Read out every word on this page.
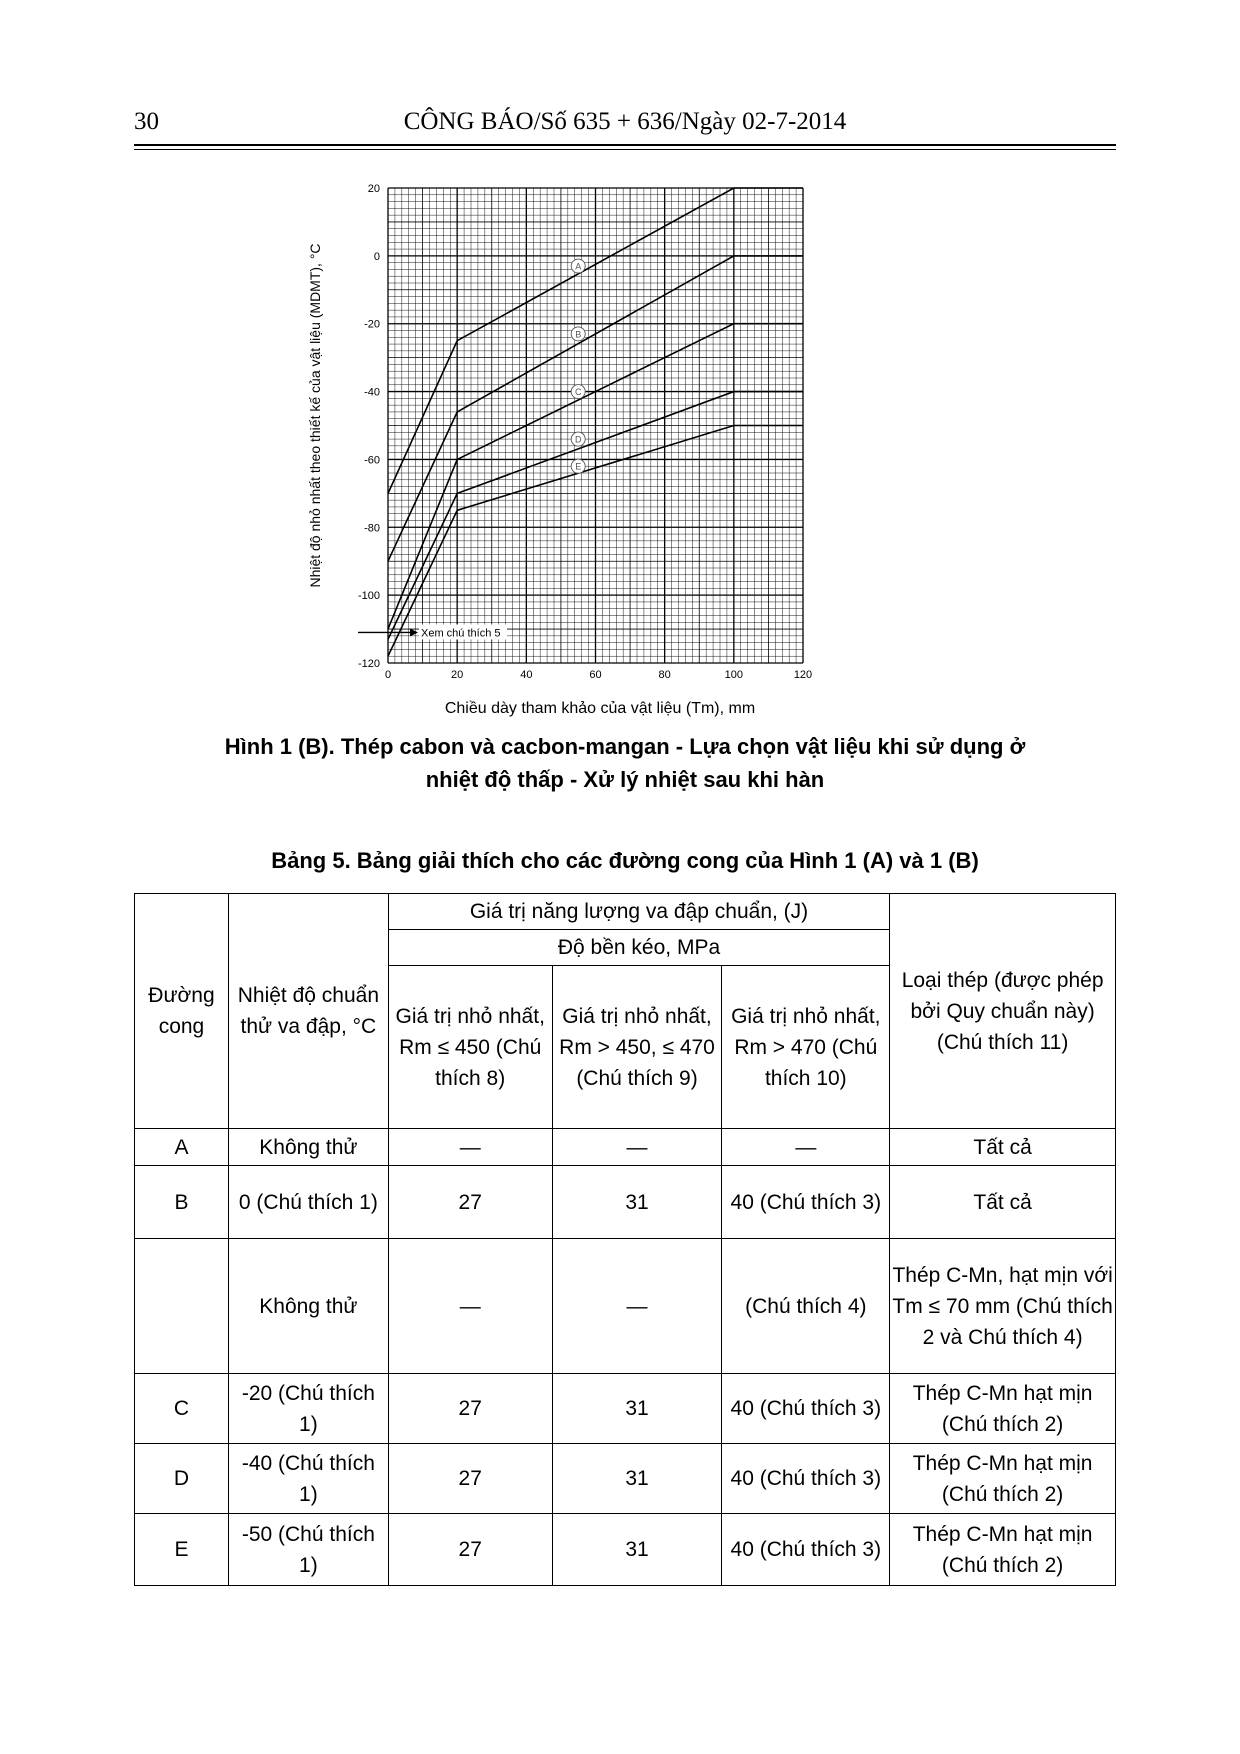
30	CÔNG BÁO/Số 635 + 636/Ngày 02-7-2014
0	20	40	60	80	100	120
20
0
-20
-40
-60
-80
-100
-120
Nhiệt độ nhỏ nhất theo thiết kế của vật liệu (MDMT), °C	A
B
C
D
E
Xem chú thích 5
Chiều dày tham khảo của vật liệu (Tm), mm
Hình 1 (B). Thép cabon và cacbon-mangan - Lựa chọn vật liệu khi sử dụng ở
nhiệt độ thấp - Xử lý nhiệt sau khi hàn
Bảng 5. Bảng giải thích cho các đường cong của Hình 1 (A) và 1 (B)
Đường cong	Nhiệt độ chuẩn thử va đập, °C	Giá trị năng lượng va đập chuẩn, (J)			Loại thép (được phép bởi Quy chuẩn này) (Chú thích 11)
		Độ bền kéo, MPa			
		Giá trị nhỏ nhất, Rm ≤ 450 (Chú thích 8)	Giá trị nhỏ nhất, Rm > 450, ≤ 470 (Chú thích 9)	Giá trị nhỏ nhất, Rm > 470 (Chú thích 10)	
A	Không thử	—	—	—	Tất cả
B	0 (Chú thích 1)	27	31	40 (Chú thích 3)	Tất cả
	Không thử	—	—	(Chú thích 4)	Thép C-Mn, hạt mịn với Tm ≤ 70 mm (Chú thích 2 và Chú thích 4)
C	-20 (Chú thích 1)	27	31	40 (Chú thích 3)	Thép C-Mn hạt mịn (Chú thích 2)
D	-40 (Chú thích 1)	27	31	40 (Chú thích 3)	Thép C-Mn hạt mịn (Chú thích 2)
E	-50 (Chú thích 1)	27	31	40 (Chú thích 3)	Thép C-Mn hạt mịn (Chú thích 2)
